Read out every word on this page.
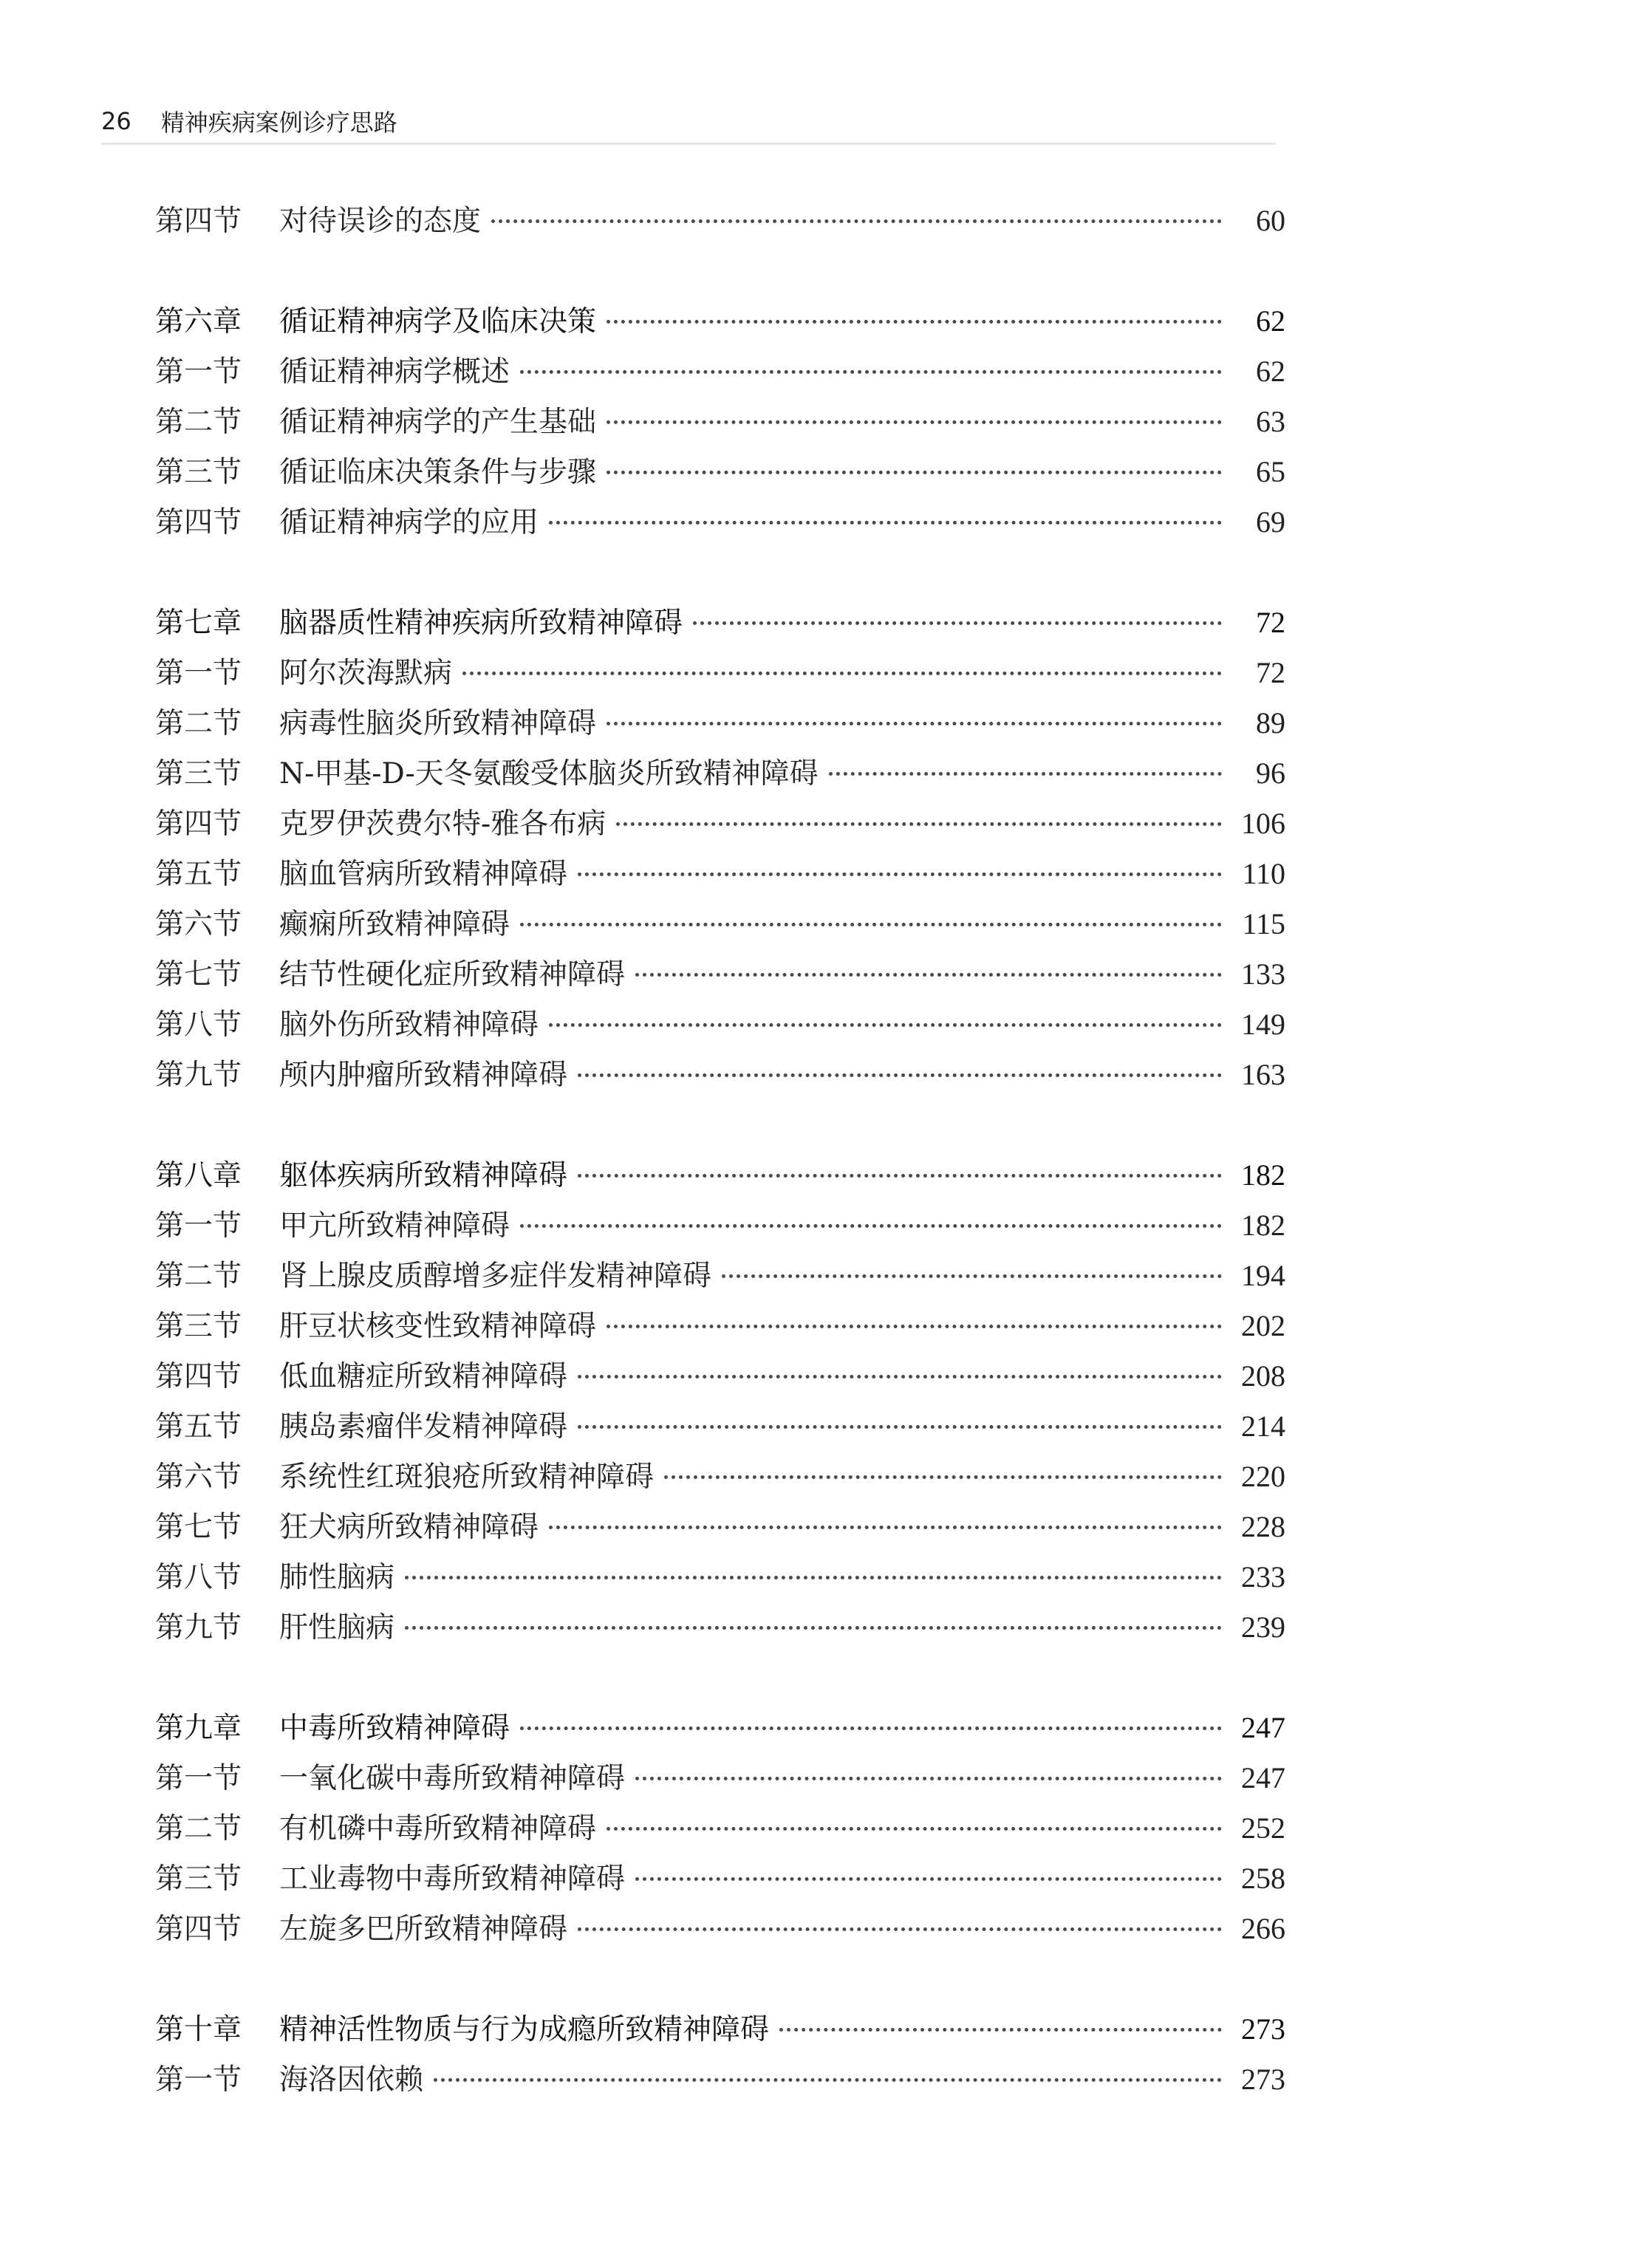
26 精神疾病案例诊疗思路
第四节	对待误诊的态度	60
第六章	循证精神病学及临床决策	62
第一节	循证精神病学概述	62
第二节	循证精神病学的产生基础	63
第三节	循证临床决策条件与步骤	65
第四节	循证精神病学的应用	69
第七章	脑器质性精神疾病所致精神障碍	72
第一节	阿尔茨海默病	72
第二节	病毒性脑炎所致精神障碍	89
第三节	N-甲基-D-天冬氨酸受体脑炎所致精神障碍	96
第四节	克罗伊茨费尔特-雅各布病	106
第五节	脑血管病所致精神障碍	110
第六节	癫痫所致精神障碍	115
第七节	结节性硬化症所致精神障碍	133
第八节	脑外伤所致精神障碍	149
第九节	颅内肿瘤所致精神障碍	163
第八章	躯体疾病所致精神障碍	182
第一节	甲亢所致精神障碍	182
第二节	肾上腺皮质醇增多症伴发精神障碍	194
第三节	肝豆状核变性致精神障碍	202
第四节	低血糖症所致精神障碍	208
第五节	胰岛素瘤伴发精神障碍	214
第六节	系统性红斑狼疮所致精神障碍	220
第七节	狂犬病所致精神障碍	228
第八节	肺性脑病	233
第九节	肝性脑病	239
第九章	中毒所致精神障碍	247
第一节	一氧化碳中毒所致精神障碍	247
第二节	有机磷中毒所致精神障碍	252
第三节	工业毒物中毒所致精神障碍	258
第四节	左旋多巴所致精神障碍	266
第十章	精神活性物质与行为成瘾所致精神障碍	273
第一节	海洛因依赖	273
